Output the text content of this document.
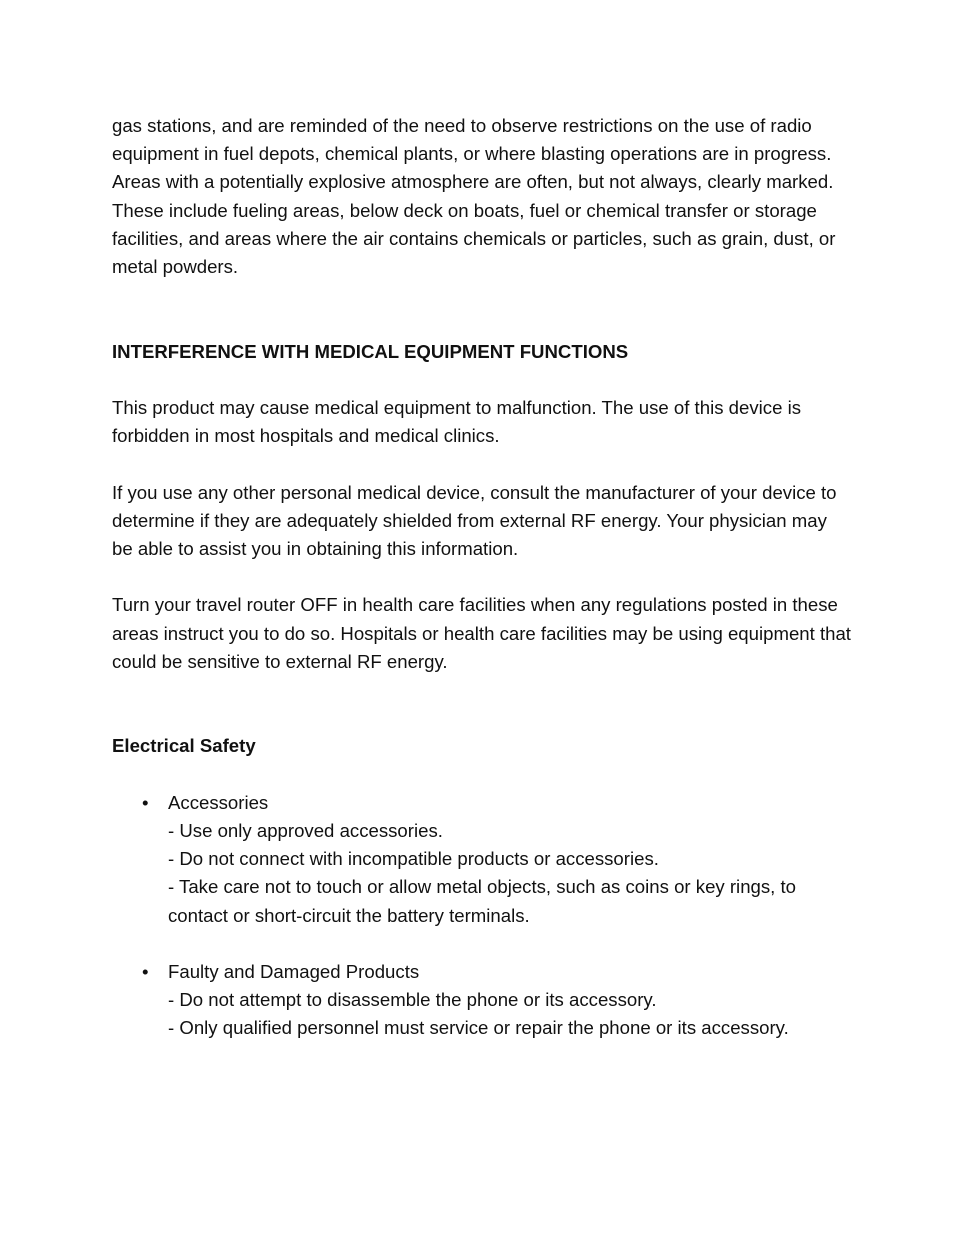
gas stations, and are reminded of the need to observe restrictions on the use of radio equipment in fuel depots, chemical plants, or where blasting operations are in progress. Areas with a potentially explosive atmosphere are often, but not always, clearly marked. These include fueling areas, below deck on boats, fuel or chemical transfer or storage facilities, and areas where the air contains chemicals or particles, such as grain, dust, or metal powders.

INTERFERENCE WITH MEDICAL EQUIPMENT FUNCTIONS

This product may cause medical equipment to malfunction. The use of this device is forbidden in most hospitals and medical clinics.

If you use any other personal medical device, consult the manufacturer of your device to determine if they are adequately shielded from external RF energy. Your physician may be able to assist you in obtaining this information.

Turn your travel router OFF in health care facilities when any regulations posted in these areas instruct you to do so. Hospitals or health care facilities may be using equipment that could be sensitive to external RF energy.

Electrical Safety
• Accessories
- Use only approved accessories.
- Do not connect with incompatible products or accessories.
- Take care not to touch or allow metal objects, such as coins or key rings, to contact or short-circuit the battery terminals.
• Faulty and Damaged Products
- Do not attempt to disassemble the phone or its accessory.
- Only qualified personnel must service or repair the phone or its accessory.
